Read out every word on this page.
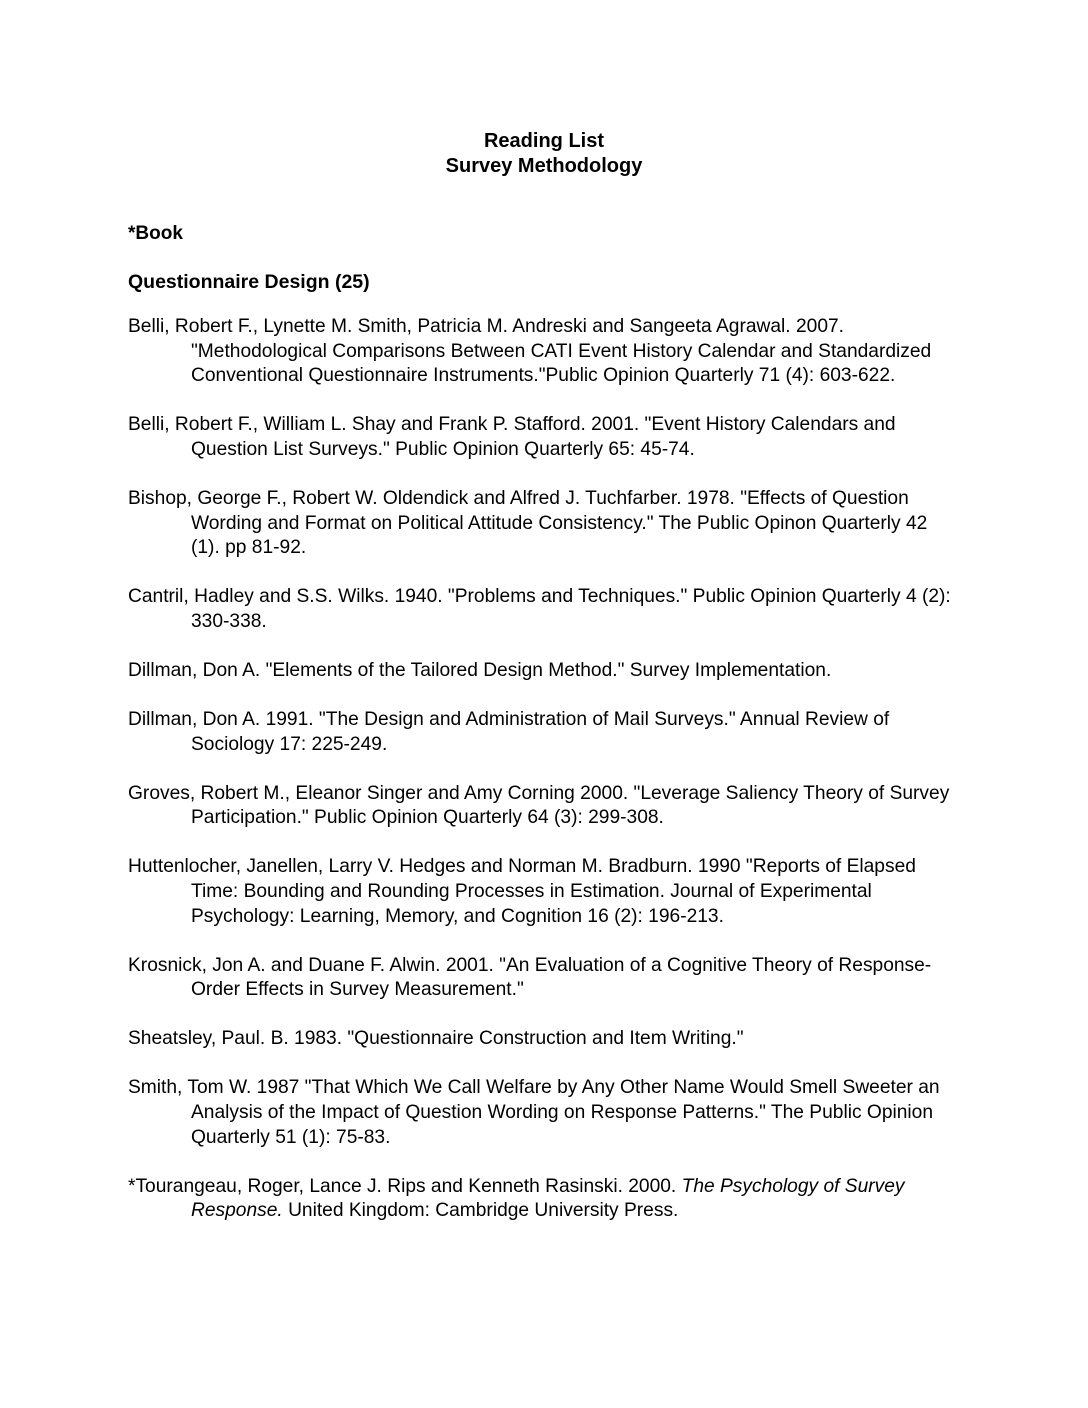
Reading List
Survey Methodology
*Book
Questionnaire Design (25)
Belli, Robert F., Lynette M. Smith, Patricia M. Andreski and Sangeeta Agrawal. 2007. "Methodological Comparisons Between CATI Event History Calendar and Standardized Conventional Questionnaire Instruments."Public Opinion Quarterly 71 (4): 603-622.
Belli, Robert F., William L. Shay and Frank P. Stafford. 2001. "Event History Calendars and Question List Surveys." Public Opinion Quarterly 65: 45-74.
Bishop, George F., Robert W. Oldendick and Alfred J. Tuchfarber. 1978. "Effects of Question Wording and Format on Political Attitude Consistency." The Public Opinon Quarterly 42 (1). pp 81-92.
Cantril, Hadley and S.S. Wilks. 1940. "Problems and Techniques." Public Opinion Quarterly 4 (2): 330-338.
Dillman, Don A. "Elements of the Tailored Design Method." Survey Implementation.
Dillman, Don A. 1991. "The Design and Administration of Mail Surveys." Annual Review of Sociology 17: 225-249.
Groves, Robert M., Eleanor Singer and Amy Corning 2000. "Leverage Saliency Theory of Survey Participation." Public Opinion Quarterly 64 (3): 299-308.
Huttenlocher, Janellen, Larry V. Hedges and Norman M. Bradburn. 1990 "Reports of Elapsed Time: Bounding and Rounding Processes in Estimation. Journal of Experimental Psychology: Learning, Memory, and Cognition 16 (2): 196-213.
Krosnick, Jon A. and Duane F. Alwin. 2001. "An Evaluation of a Cognitive Theory of Response-Order Effects in Survey Measurement."
Sheatsley, Paul. B. 1983. "Questionnaire Construction and Item Writing."
Smith, Tom W. 1987 "That Which We Call Welfare by Any Other Name Would Smell Sweeter an Analysis of the Impact of Question Wording on Response Patterns." The Public Opinion Quarterly 51 (1): 75-83.
*Tourangeau, Roger, Lance J. Rips and Kenneth Rasinski. 2000. The Psychology of Survey Response. United Kingdom: Cambridge University Press.
